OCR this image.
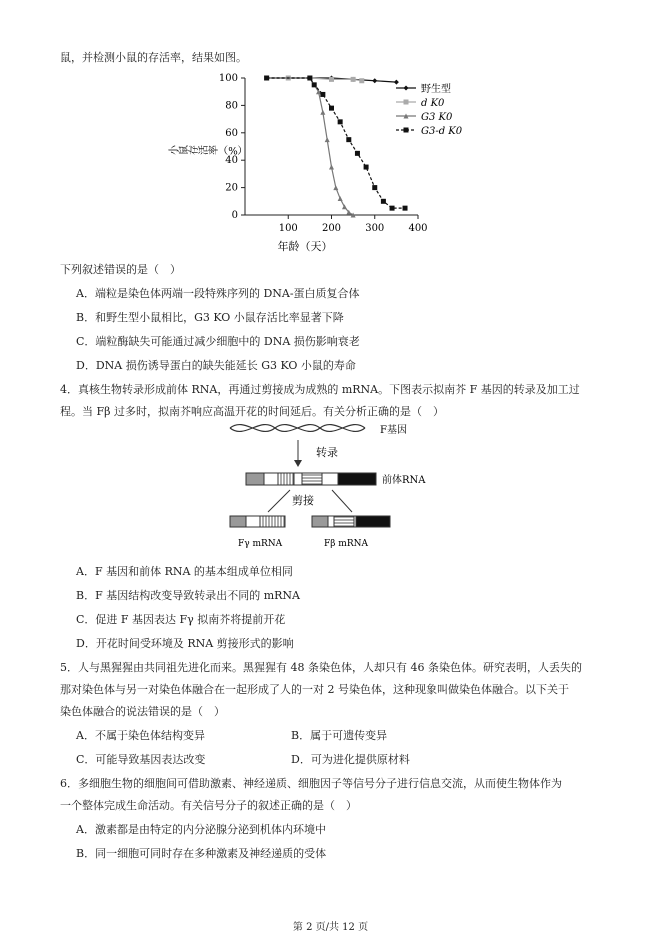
鼠，并检测小鼠的存活率，结果如图。
小鼠存活率（%）
0
20
40
60
80
100
100 200 300 400
野生型
d K0
G3 K0
G3-d K0
年龄（天）
下列叙述错误的是（　）
A．端粒是染色体两端一段特殊序列的 DNA-蛋白质复合体
B．和野生型小鼠相比，G3 KO 小鼠存活比率显著下降
C．端粒酶缺失可能通过减少细胞中的 DNA 损伤影响衰老
D．DNA 损伤诱导蛋白的缺失能延长 G3 KO 小鼠的寿命
4．真核生物转录形成前体 RNA，再通过剪接成为成熟的 mRNA。下图表示拟南芥 F 基因的转录及加工过
程。当 Fβ 过多时，拟南芥响应高温开花的时间延后。有关分析正确的是（　）
F基因
转录
前体RNA
剪接
Fγ mRNA	Fβ mRNA
A．F 基因和前体 RNA 的基本组成单位相同
B．F 基因结构改变导致转录出不同的 mRNA
C．促进 F 基因表达 Fγ 拟南芥将提前开花
D．开花时间受环境及 RNA 剪接形式的影响
5．人与黑猩猩由共同祖先进化而来。黑猩猩有 48 条染色体，人却只有 46 条染色体。研究表明，人丢失的
那对染色体与另一对染色体融合在一起形成了人的一对 2 号染色体，这种现象叫做染色体融合。以下关于
染色体融合的说法错误的是（　）
A．不属于染色体结构变异	B．属于可遗传变异
C．可能导致基因表达改变	D．可为进化提供原材料
6．多细胞生物的细胞间可借助激素、神经递质、细胞因子等信号分子进行信息交流，从而使生物体作为
一个整体完成生命活动。有关信号分子的叙述正确的是（　）
A．激素都是由特定的内分泌腺分泌到机体内环境中
B．同一细胞可同时存在多种激素及神经递质的受体
第 2 页/共 12 页
